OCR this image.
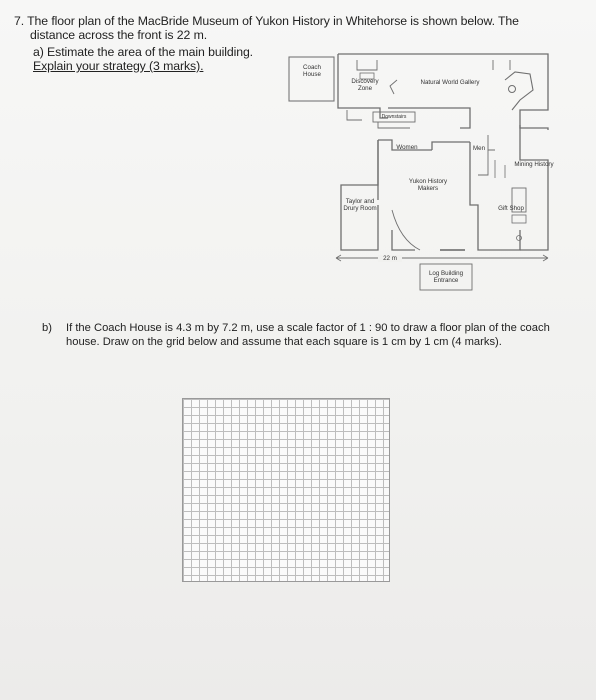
7. The floor plan of the MacBride Museum of Yukon History in Whitehorse is shown below. The
distance across the front is 22 m.
a) Estimate the area of the main building.
Explain your strategy (3 marks).	Coach House
Discovery Zone
Natural World Gallery
Downstairs
Women	Men
Mining History
Yukon History Makers
Taylor and Drury Room	Gift Shop
22 m
Log Building Entrance
b) If the Coach House is 4.3 m by 7.2 m, use a scale factor of 1 : 90 to draw a floor plan of the coach house. Draw on the grid below and assume that each square is 1 cm by 1 cm (4 marks).
